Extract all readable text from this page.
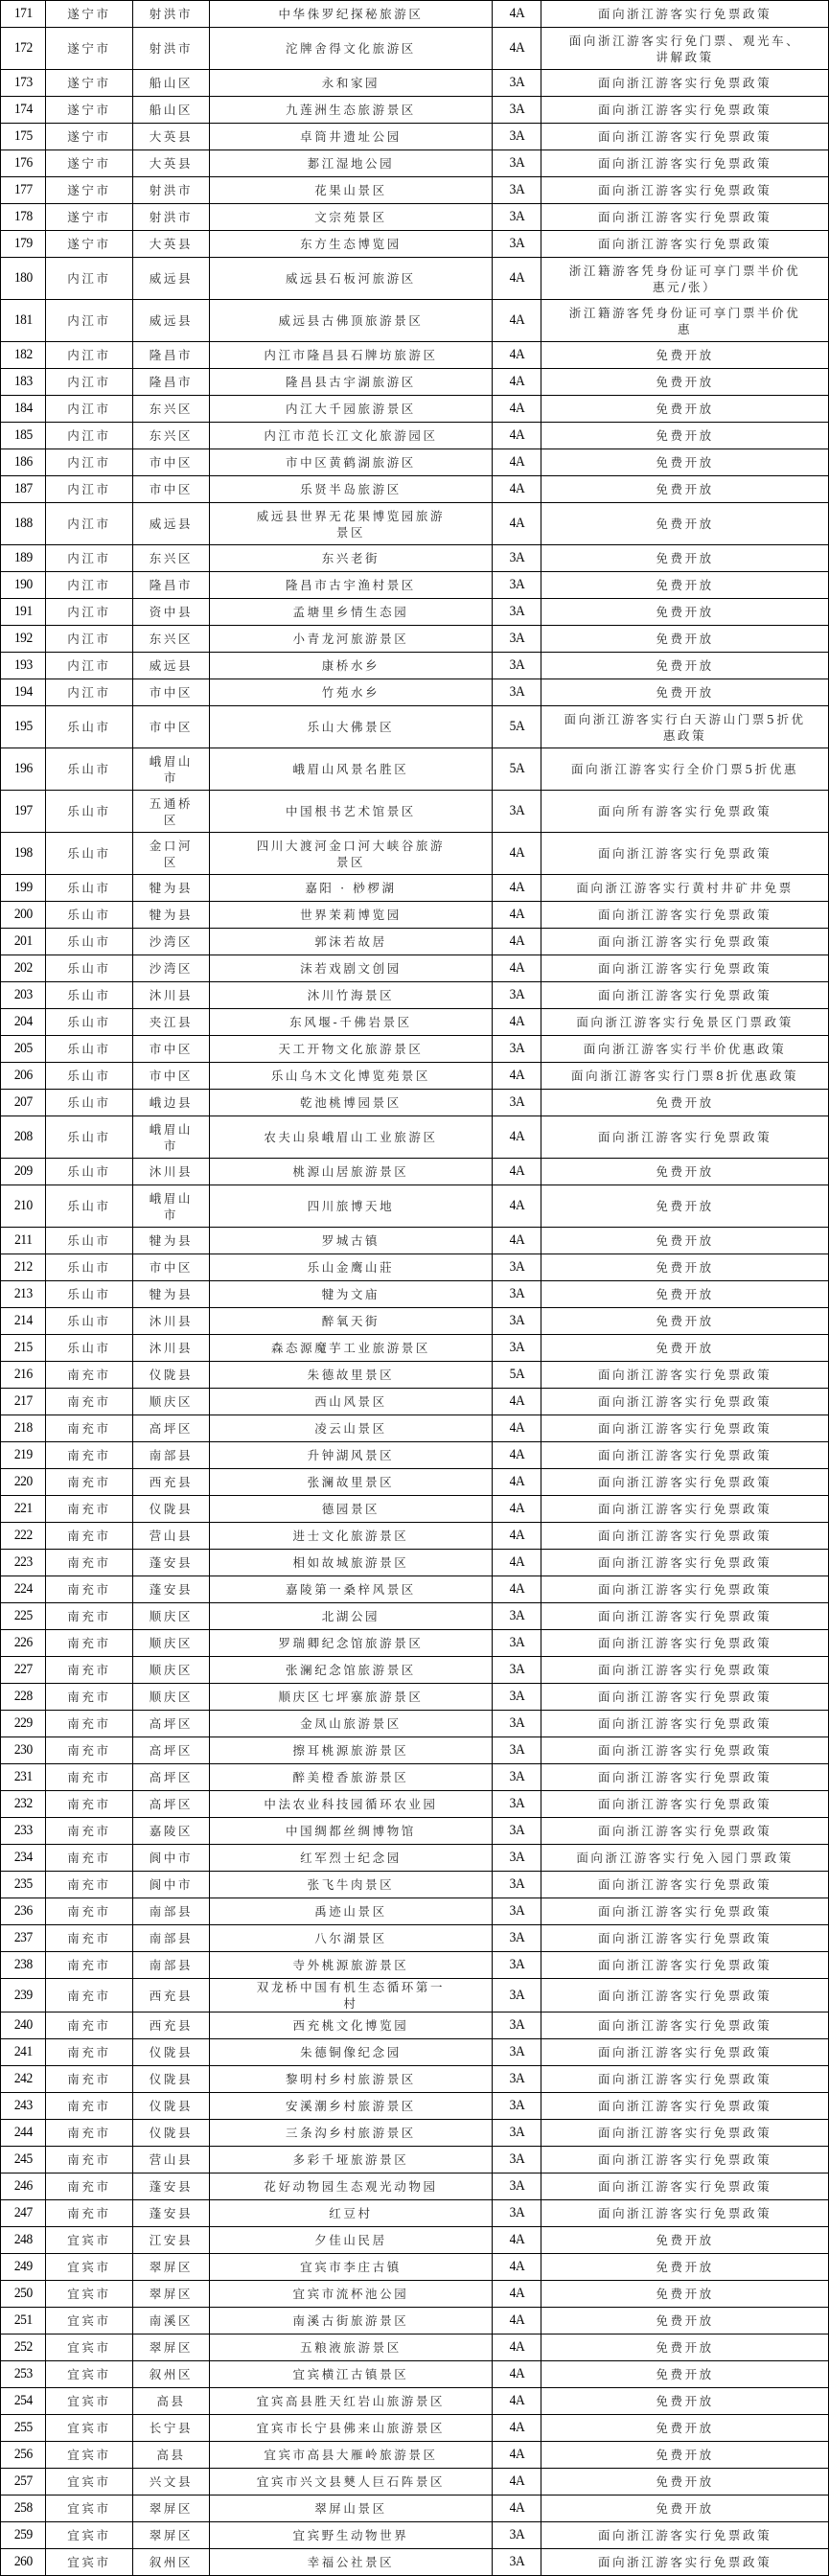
171	遂宁市	射洪市	中华侏罗纪探秘旅游区	4A	面向浙江游客实行免票政策
172	遂宁市	射洪市	沱牌舍得文化旅游区	4A	面向浙江游客实行免门票、观光车、讲解政策
173	遂宁市	船山区	永和家园	3A	面向浙江游客实行免票政策
174	遂宁市	船山区	九莲洲生态旅游景区	3A	面向浙江游客实行免票政策
175	遂宁市	大英县	卓筒井遗址公园	3A	面向浙江游客实行免票政策
176	遂宁市	大英县	郪江湿地公园	3A	面向浙江游客实行免票政策
177	遂宁市	射洪市	花果山景区	3A	面向浙江游客实行免票政策
178	遂宁市	射洪市	文宗苑景区	3A	面向浙江游客实行免票政策
179	遂宁市	大英县	东方生态博览园	3A	面向浙江游客实行免票政策
180	内江市	威远县	威远县石板河旅游区	4A	浙江籍游客凭身份证可享门票半价优惠元/张）
181	内江市	威远县	威远县古佛顶旅游景区	4A	浙江籍游客凭身份证可享门票半价优惠
182	内江市	隆昌市	内江市隆昌县石牌坊旅游区	4A	免费开放
183	内江市	隆昌市	隆昌县古宇湖旅游区	4A	免费开放
184	内江市	东兴区	内江大千园旅游景区	4A	免费开放
185	内江市	东兴区	内江市范长江文化旅游园区	4A	免费开放
186	内江市	市中区	市中区黄鹤湖旅游区	4A	免费开放
187	内江市	市中区	乐贤半岛旅游区	4A	免费开放
188	内江市	威远县	威远县世界无花果博览园旅游景区	4A	免费开放
189	内江市	东兴区	东兴老街	3A	免费开放
190	内江市	隆昌市	隆昌市古宇渔村景区	3A	免费开放
191	内江市	资中县	孟塘里乡情生态园	3A	免费开放
192	内江市	东兴区	小青龙河旅游景区	3A	免费开放
193	内江市	威远县	康桥水乡	3A	免费开放
194	内江市	市中区	竹苑水乡	3A	免费开放
195	乐山市	市中区	乐山大佛景区	5A	面向浙江游客实行白天游山门票5折优惠政策
196	乐山市	峨眉山市	峨眉山风景名胜区	5A	面向浙江游客实行全价门票5折优惠
197	乐山市	五通桥区	中国根书艺术馆景区	3A	面向所有游客实行免票政策
198	乐山市	金口河区	四川大渡河金口河大峡谷旅游景区	4A	面向浙江游客实行免票政策
199	乐山市	犍为县	嘉阳 · 桫椤湖	4A	面向浙江游客实行黄村井矿井免票
200	乐山市	犍为县	世界茉莉博览园	4A	面向浙江游客实行免票政策
201	乐山市	沙湾区	郭沫若故居	4A	面向浙江游客实行免票政策
202	乐山市	沙湾区	沫若戏剧文创园	4A	面向浙江游客实行免票政策
203	乐山市	沐川县	沐川竹海景区	3A	面向浙江游客实行免票政策
204	乐山市	夹江县	东风堰-千佛岩景区	4A	面向浙江游客实行免景区门票政策
205	乐山市	市中区	天工开物文化旅游景区	3A	面向浙江游客实行半价优惠政策
206	乐山市	市中区	乐山乌木文化博览苑景区	4A	面向浙江游客实行门票8折优惠政策
207	乐山市	峨边县	乾池桃博园景区	3A	免费开放
208	乐山市	峨眉山市	农夫山泉峨眉山工业旅游区	4A	面向浙江游客实行免票政策
209	乐山市	沐川县	桃源山居旅游景区	4A	免费开放
210	乐山市	峨眉山市	四川旅博天地	4A	免费开放
211	乐山市	犍为县	罗城古镇	4A	免费开放
212	乐山市	市中区	乐山金鹰山莊	3A	免费开放
213	乐山市	犍为县	犍为文庙	3A	免费开放
214	乐山市	沐川县	醉氧天街	3A	免费开放
215	乐山市	沐川县	森态源魔芋工业旅游景区	3A	免费开放
216	南充市	仪陇县	朱德故里景区	5A	面向浙江游客实行免票政策
217	南充市	顺庆区	西山风景区	4A	面向浙江游客实行免票政策
218	南充市	高坪区	凌云山景区	4A	面向浙江游客实行免票政策
219	南充市	南部县	升钟湖风景区	4A	面向浙江游客实行免票政策
220	南充市	西充县	张澜故里景区	4A	面向浙江游客实行免票政策
221	南充市	仪陇县	德园景区	4A	面向浙江游客实行免票政策
222	南充市	营山县	进士文化旅游景区	4A	面向浙江游客实行免票政策
223	南充市	蓬安县	相如故城旅游景区	4A	面向浙江游客实行免票政策
224	南充市	蓬安县	嘉陵第一桑梓风景区	4A	面向浙江游客实行免票政策
225	南充市	顺庆区	北湖公园	3A	面向浙江游客实行免票政策
226	南充市	顺庆区	罗瑞卿纪念馆旅游景区	3A	面向浙江游客实行免票政策
227	南充市	顺庆区	张澜纪念馆旅游景区	3A	面向浙江游客实行免票政策
228	南充市	顺庆区	顺庆区七坪寨旅游景区	3A	面向浙江游客实行免票政策
229	南充市	高坪区	金凤山旅游景区	3A	面向浙江游客实行免票政策
230	南充市	高坪区	擦耳桃源旅游景区	3A	面向浙江游客实行免票政策
231	南充市	高坪区	醉美橙香旅游景区	3A	面向浙江游客实行免票政策
232	南充市	高坪区	中法农业科技园循环农业园	3A	面向浙江游客实行免票政策
233	南充市	嘉陵区	中国绸都丝绸博物馆	3A	面向浙江游客实行免票政策
234	南充市	阆中市	红军烈士纪念园	3A	面向浙江游客实行免入园门票政策
235	南充市	阆中市	张飞牛肉景区	3A	面向浙江游客实行免票政策
236	南充市	南部县	禹迹山景区	3A	面向浙江游客实行免票政策
237	南充市	南部县	八尔湖景区	3A	面向浙江游客实行免票政策
238	南充市	南部县	寺外桃源旅游景区	3A	面向浙江游客实行免票政策
239	南充市	西充县	双龙桥中国有机生态循环第一村	3A	面向浙江游客实行免票政策
240	南充市	西充县	西充桃文化博览园	3A	面向浙江游客实行免票政策
241	南充市	仪陇县	朱德铜像纪念园	3A	面向浙江游客实行免票政策
242	南充市	仪陇县	黎明村乡村旅游景区	3A	面向浙江游客实行免票政策
243	南充市	仪陇县	安溪潮乡村旅游景区	3A	面向浙江游客实行免票政策
244	南充市	仪陇县	三条沟乡村旅游景区	3A	面向浙江游客实行免票政策
245	南充市	营山县	多彩千垭旅游景区	3A	面向浙江游客实行免票政策
246	南充市	蓬安县	花好动物园生态观光动物园	3A	面向浙江游客实行免票政策
247	南充市	蓬安县	红豆村	3A	面向浙江游客实行免票政策
248	宜宾市	江安县	夕佳山民居	4A	免费开放
249	宜宾市	翠屏区	宜宾市李庄古镇	4A	免费开放
250	宜宾市	翠屏区	宜宾市流杯池公园	4A	免费开放
251	宜宾市	南溪区	南溪古街旅游景区	4A	免费开放
252	宜宾市	翠屏区	五粮液旅游景区	4A	免费开放
253	宜宾市	叙州区	宜宾横江古镇景区	4A	免费开放
254	宜宾市	高县	宜宾高县胜天红岩山旅游景区	4A	免费开放
255	宜宾市	长宁县	宜宾市长宁县佛来山旅游景区	4A	免费开放
256	宜宾市	高县	宜宾市高县大雁岭旅游景区	4A	免费开放
257	宜宾市	兴文县	宜宾市兴文县僰人巨石阵景区	4A	免费开放
258	宜宾市	翠屏区	翠屏山景区	4A	免费开放
259	宜宾市	翠屏区	宜宾野生动物世界	3A	面向浙江游客实行免票政策
260	宜宾市	叙州区	幸福公社景区	3A	面向浙江游客实行免票政策
